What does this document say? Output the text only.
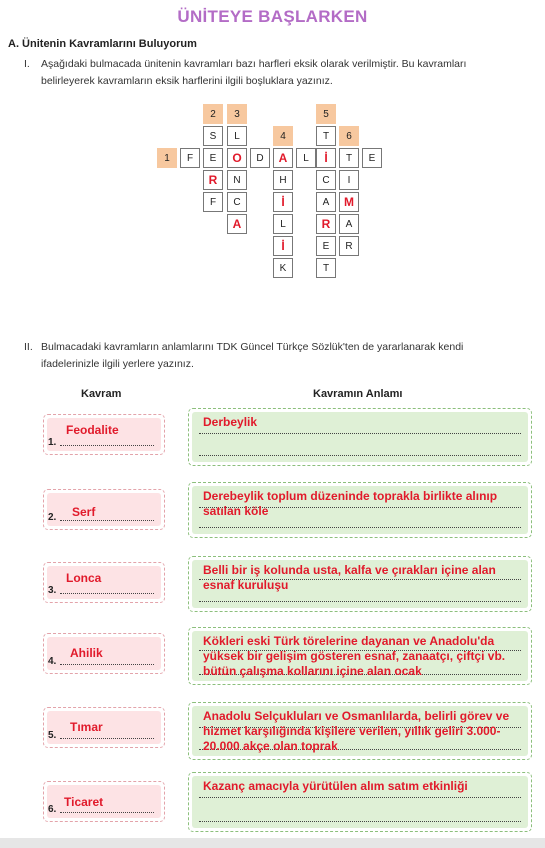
ÜNİTEYE BAŞLARKEN
A. Ünitenin Kavramlarını Buluyorum
I. Aşağıdaki bulmacada ünitenin kavramları bazı harfleri eksik olarak verilmiştir. Bu kavramları
belirleyerek kavramların eksik harflerini ilgili boşluklara yazınız.
2	3	5
4	6
1
S	L	T
F	E	O	D	A	L	İ	T	E
R	N	H	C	I
F	C	İ	A	M
A	L	R	A
İ	E	R
K	T
II. Bulmacadaki kavramların anlamlarını TDK Güncel Türkçe Sözlük'ten de yararlanarak kendi
ifadelerinizle ilgili yerlere yazınız.
Kavram	Kavramın Anlamı
Feodalite
1.
Derbeylik
Serf
2.
Derebeylik toplum düzeninde toprakla birlikte alınıp satılan köle
Lonca
3.
Belli bir iş kolunda usta, kalfa ve çırakları içine alan esnaf kuruluşu
Ahilik
4.
Kökleri eski Türk törelerine dayanan ve Anadolu'da yüksek bir gelişim gösteren esnaf, zanaatçı, çiftçi vb. bütün çalışma kollarını içine alan ocak
Tımar
5.
Anadolu Selçukluları ve Osmanlılarda, belirli görev ve hizmet karşılığında kişilere verilen, yıllık geliri 3.000-20.000 akçe olan toprak
Ticaret
6.
Kazanç amacıyla yürütülen alım satım etkinliği
